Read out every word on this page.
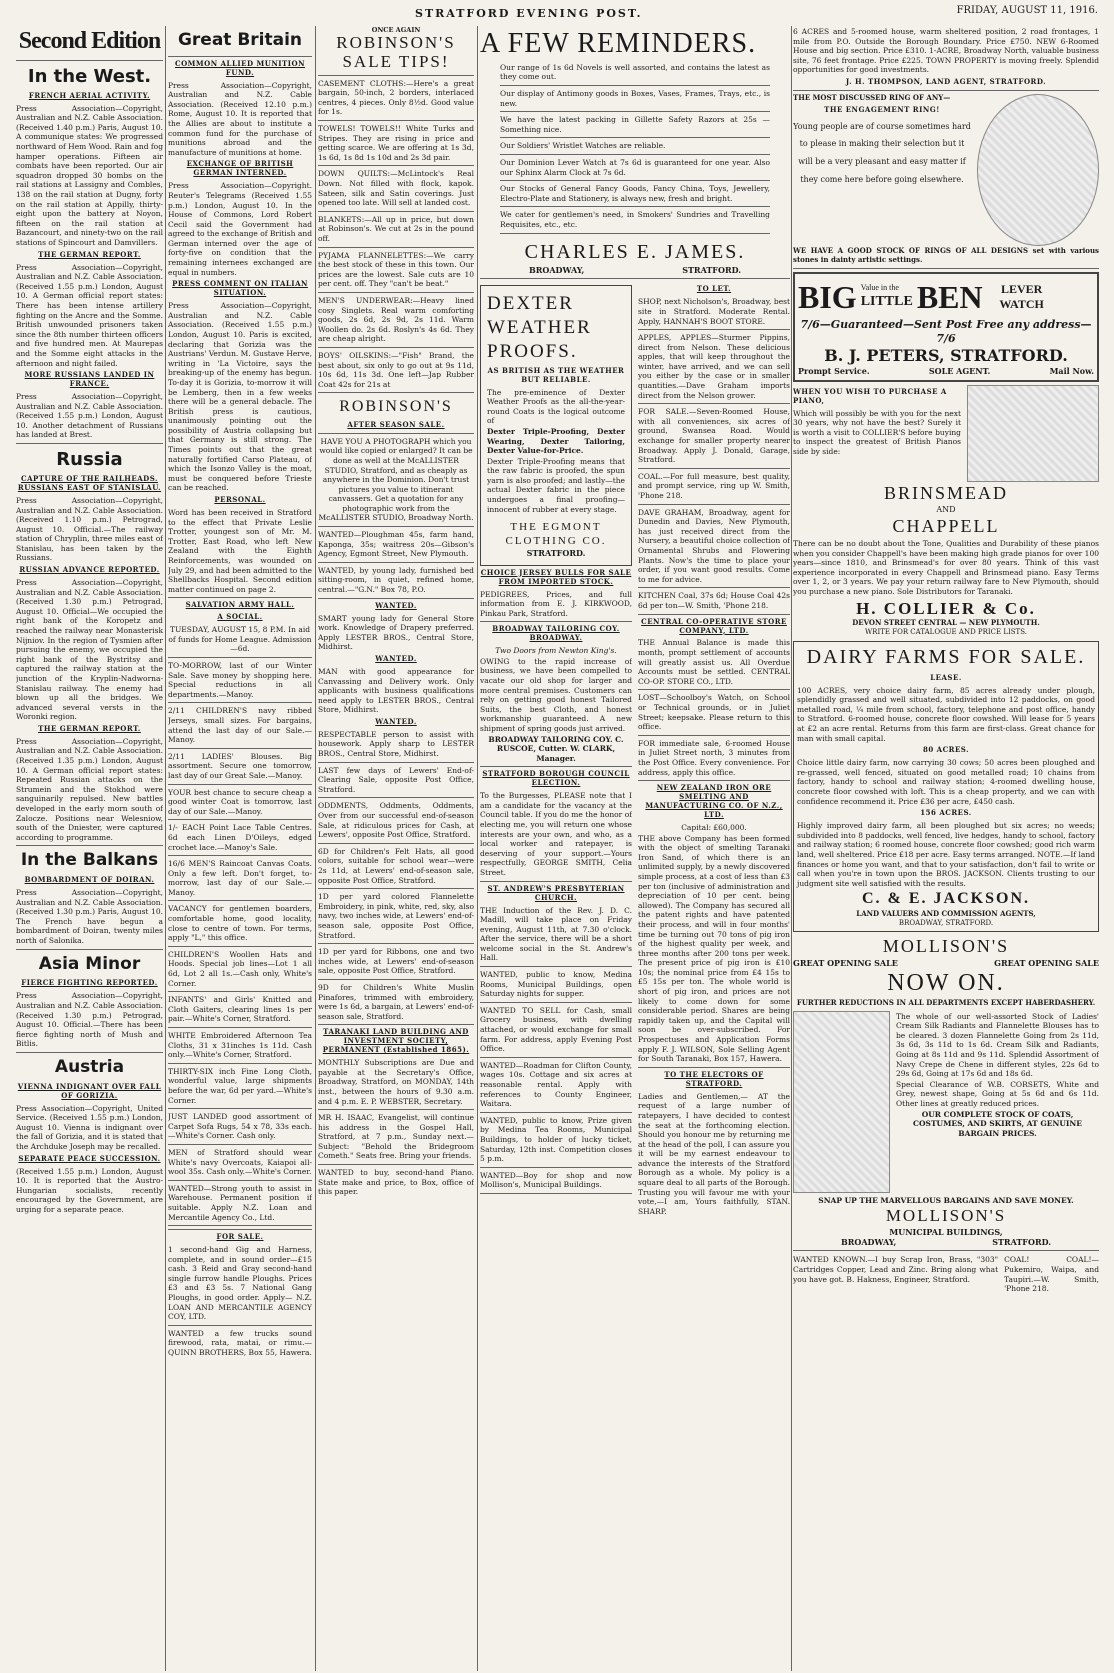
STRATFORD EVENING POST.	FRIDAY, AUGUST 11, 1916.
Second Edition
In the West.
FRENCH AERIAL ACTIVITY.

Press Association—Copyright, Australian and N.Z. Cable Association. (Received 1.40 p.m.) Paris, August 10. A communique states: We progressed northward of Hem Wood. Rain and fog hamper operations. Fifteen air combats have been reported. Our air squadron dropped 30 bombs on the rail stations at Lassigny and Combles, 138 on the rail station at Dugny, forty on the rail station at Appilly, thirty-eight upon the battery at Noyon, fifteen on the rail station at Bazancourt, and ninety-two on the rail stations of Spincourt and Damvillers.

THE GERMAN REPORT.

Press Association—Copyright, Australian and N.Z. Cable Association. (Received 1.55 p.m.) London, August 10. A German official report states: There has been intense artillery fighting on the Ancre and the Somme. British unwounded prisoners taken since the 8th number thirteen officers and five hundred men. At Maurepas and the Somme eight attacks in the afternoon and night failed.

MORE RUSSIANS LANDED IN FRANCE.

Press Association—Copyright, Australian and N.Z. Cable Association. (Received 1.55 p.m.) London, August 10. Another detachment of Russians has landed at Brest.

Russia
CAPTURE OF THE RAILHEADS. RUSSIANS EAST OF STANISLAU.

Press Association—Copyright, Australian and N.Z. Cable Association. (Received 1.10 p.m.) Petrograd, August 10. Official.—The railway station of Chryplin, three miles east of Stanislau, has been taken by the Russians.

RUSSIAN ADVANCE REPORTED.

Press Association—Copyright, Australian and N.Z. Cable Association. (Received 1.30 p.m.) Petrograd, August 10. Official—We occupied the right bank of the Koropetz and reached the railway near Monasterisk Nijniov. In the region of Tysmien after pursuing the enemy, we occupied the right bank of the Bystritsy and captured the railway station at the junction of the Kryplin-Nadworna-Stanislau railway. The enemy had blown up all the bridges. We advanced several versts in the Woronki region.

THE GERMAN REPORT.

Press Association—Copyright, Australian and N.Z. Cable Association. (Received 1.35 p.m.) London, August 10. A German official report states: Repeated Russian attacks on the Strumein and the Stokhod were sanguinarily repulsed. New battles developed in the early morn south of Zalocze. Positions near Welesniow, south of the Dniester, were captured according to programme.

In the Balkans
BOMBARDMENT OF DOIRAN.

Press Association—Copyright, Australian and N.Z. Cable Association. (Received 1.30 p.m.) Paris, August 10. The French have begun a bombardment of Doiran, twenty miles north of Salonika.

Asia Minor
FIERCE FIGHTING REPORTED.

Press Association—Copyright, Australian and N.Z. Cable Association. (Received 1.30 p.m.) Petrograd, August 10. Official.—There has been fierce fighting north of Mush and Bitlis.

Austria
VIENNA INDIGNANT OVER FALL OF GORIZIA.

Press Association—Copyright, United Service. (Received 1.55 p.m.) London, August 10. Vienna is indignant over the fall of Gorizia, and it is stated that the Archduke Joseph may be recalled.

SEPARATE PEACE SUCCESSION.

(Received 1.55 p.m.) London, August 10. It is reported that the Austro-Hungarian socialists, recently encouraged by the Government, are urging for a separate peace.

Great Britain
COMMON ALLIED MUNITION FUND.

Press Association—Copyright, Australian and N.Z. Cable Association. (Received 12.10 p.m.) Rome, August 10. It is reported that the Allies are about to institute a common fund for the purchase of munitions abroad and the manufacture of munitions at home.

EXCHANGE OF BRITISH GERMAN INTERNED.

Press Association—Copyright. Reuter's Telegrams (Received 1.55 p.m.) London, August 10. In the House of Commons, Lord Robert Cecil said the Government had agreed to the exchange of British and German interned over the age of forty-five on condition that the remaining internees exchanged are equal in numbers.

PRESS COMMENT ON ITALIAN SITUATION.

Press Association—Copyright, Australian and N.Z. Cable Association. (Received 1.55 p.m.) London, August 10. Paris is excited, declaring that Gorizia was the Austrians' Verdun. M. Gustave Herve, writing in 'La Victoire, says the breaking-up of the enemy has begun. To-day it is Gorizia, to-morrow it will be Lemberg, then in a few weeks there will be a general debacle. The British press is cautious, unanimously pointing out the possibility of Austria collapsing but that Germany is still strong. The Times points out that the great naturally fortified Carso Plateau, of which the Isonzo Valley is the moat, must be conquered before Trieste can be reached.

PERSONAL.

Word has been received in Stratford to the effect that Private Leslie Trotter, youngest son of Mr. M. Trotter, East Road, who left New Zealand with the Eighth Reinforcements, was wounded on July 29, and had been admitted to the Shellbacks Hospital. Second edition matter continued on page 2.

SALVATION ARMY HALL.
A SOCIAL.

TUESDAY, AUGUST 15, 8 P.M. In aid of funds for Home League. Admission—6d.

TO-MORROW, last of our Winter Sale. Save money by shopping here. Special reductions in all departments.—Manoy.

2/11 CHILDREN'S navy ribbed Jerseys, small sizes. For bargains, attend the last day of our Sale.—Manoy.

2/11 LADIES' Blouses. Big assortment. Secure one tomorrow, last day of our Great Sale.—Manoy.

YOUR best chance to secure cheap a good winter Coat is tomorrow, last day of our Sale.—Manoy.

1/- EACH Point Lace Table Centres. 6d each Linen D'Oileys, edged crochet lace.—Manoy's Sale.

16/6 MEN'S Raincoat Canvas Coats. Only a few left. Don't forget, to-morrow, last day of our Sale.—Manoy.

VACANCY for gentlemen boarders, comfortable home, good locality, close to centre of town. For terms, apply "L," this office.

CHILDREN'S Woollen Hats and Hoods. Special job lines—Lot 1 all 6d, Lot 2 all 1s.—Cash only, White's Corner.

INFANTS' and Girls' Knitted and Cloth Gaiters, clearing lines 1s per pair.—White's Corner, Stratford.

WHITE Embroidered Afternoon Tea Cloths, 31 x 31inches 1s 11d. Cash only.—White's Corner, Stratford.

THIRTY-SIX inch Fine Long Cloth, wonderful value, large shipments before the war, 6d per yard.—White's Corner.

JUST LANDED good assortment of Carpet Sofa Rugs, 54 x 78, 33s each.—White's Corner. Cash only.

MEN of Stratford should wear White's navy Overcoats, Kaiapoi all-wool 35s. Cash only.—White's Corner.

WANTED—Strong youth to assist in Warehouse. Permanent position if suitable. Apply N.Z. Loan and Mercantile Agency Co., Ltd.

FOR SALE.

1 second-hand Gig and Harness, complete, and in sound order—£15 cash. 3 Reid and Gray second-hand single furrow handle Ploughs. Prices £3 and £3 5s. 7 National Gang Ploughs, in good order. Apply— N.Z. LOAN AND MERCANTILE AGENCY COY, LTD.

WANTED a few trucks sound firewood, rata, matai, or rimu.—QUINN BROTHERS, Box 55, Hawera.

ONCE AGAIN
ROBINSON'S SALE TIPS!

CASEMENT CLOTHS:—Here's a great bargain, 50-inch, 2 borders, interlaced centres, 4 pieces. Only 8½d. Good value for 1s.

TOWELS! TOWELS!! White Turks and Stripes. They are rising in price and getting scarce. We are offering at 1s 3d, 1s 6d, 1s 8d 1s 10d and 2s 3d pair.

DOWN QUILTS:—McLintock's Real Down. Not filled with flock, kapok. Sateen, silk and Satin coverings. Just opened too late. Will sell at landed cost.

BLANKETS:—All up in price, but down at Robinson's. We cut at 2s in the pound off.

PYJAMA FLANNELETTES:—We carry the best stock of these in this town. Our prices are the lowest. Sale cuts are 10 per cent. off. They "can't be beat."

MEN'S UNDERWEAR:—Heavy lined cosy Singlets. Real warm comforting goods, 2s 6d, 2s 9d, 2s 11d. Warm Woollen do. 2s 6d. Roslyn's 4s 6d. They are cheap alright.

BOYS' OILSKINS:—"Fish" Brand, the best about, six only to go out at 9s 11d, 10s 6d, 11s 3d. One left—Jap Rubber Coat 42s for 21s at

ROBINSON'S
AFTER SEASON SALE.

HAVE YOU A PHOTOGRAPH which you would like copied or enlarged? It can be done as well at the McALLISTER STUDIO, Stratford, and as cheaply as anywhere in the Dominion. Don't trust pictures you value to itinerant canvassers. Get a quotation for any photographic work from the McALLISTER STUDIO, Broadway North.

WANTED—Ploughman 45s, farm hand, Kaponga, 35s; waitress 20s—Gibson's Agency, Egmont Street, New Plymouth.

WANTED, by young lady, furnished bed sitting-room, in quiet, refined home, central.—"G.N." Box 78, P.O.

WANTED.

SMART young lady for General Store work. Knowledge of Drapery preferred. Apply LESTER BROS., Central Store, Midhirst.

WANTED.

MAN with good appearance for Canvassing and Delivery work. Only applicants with business qualifications need apply to LESTER BROS., Central Store, Midhirst.

WANTED.

RESPECTABLE person to assist with housework. Apply sharp to LESTER BROS., Central Store, Midhirst.

LAST few days of Lewers' End-of-Clearing Sale, opposite Post Office, Stratford.

ODDMENTS, Oddments, Oddments, Over from our successful end-of-season Sale, at ridiculous prices for Cash, at Lewers', opposite Post Office, Stratford.

6D for Children's Felt Hats, all good colors, suitable for school wear—were 2s 11d, at Lewers' end-of-season sale, opposite Post Office, Stratford.

1D per yard colored Flannelette Embroidery, in pink, white, red, sky, also navy, two inches wide, at Lewers' end-of-season sale, opposite Post Office, Stratford.

1D per yard for Ribbons, one and two inches wide, at Lewers' end-of-season sale, opposite Post Office, Stratford.

9D for Children's White Muslin Pinafores, trimmed with embroidery, were 1s 6d, a bargain, at Lewers' end-of-season sale, Stratford.

TARANAKI LAND BUILDING AND INVESTMENT SOCIETY, PERMANENT (Established 1865).

MONTHLY Subscriptions are Due and payable at the Secretary's Office, Broadway, Stratford, on MONDAY, 14th inst., between the hours of 9.30 a.m. and 4 p.m. E. P. WEBSTER, Secretary.

MR H. ISAAC, Evangelist, will continue his address in the Gospel Hall, Stratford, at 7 p.m., Sunday next.—Subject: "Behold the Bridegroom Cometh." Seats free. Bring your friends.

WANTED to buy, second-hand Piano. State make and price, to Box, office of this paper.

A FEW REMINDERS.

Our range of 1s 6d Novels is well assorted, and contains the latest as they come out.

Our display of Antimony goods in Boxes, Vases, Frames, Trays, etc., is new.

We have the latest packing in Gillette Safety Razors at 25s —Something nice.

Our Soldiers' Wristlet Watches are reliable.

Our Dominion Lever Watch at 7s 6d is guaranteed for one year. Also our Sphinx Alarm Clock at 7s 6d.

Our Stocks of General Fancy Goods, Fancy China, Toys, Jewellery, Electro-Plate and Stationery, is always new, fresh and bright.

We cater for gentlemen's need, in Smokers' Sundries and Travelling Requisites, etc., etc.

CHARLES E. JAMES.
BROADWAY,	STRATFORD.
DEXTER WEATHER PROOFS.
AS BRITISH AS THE WEATHER BUT RELIABLE.

The pre-eminence of Dexter Weather Proofs as the all-the-year-round Coats is the logical outcome of

Dexter Triple-Proofing, Dexter Wearing, Dexter Tailoring, Dexter Value-for-Price.

Dexter Triple-Proofing means that the raw fabric is proofed, the spun yarn is also proofed; and lastly—the actual Dexter fabric in the piece undergoes a final proofing—innocent of rubber at every stage.

THE EGMONT CLOTHING CO.
STRATFORD.
CHOICE JERSEY BULLS FOR SALE FROM IMPORTED STOCK.

PEDIGREES, Prices, and full information from E. J. KIRKWOOD, Pinkau Park, Stratford.

BROADWAY TAILORING COY. BROADWAY.
Two Doors from Newton King's.

OWING to the rapid increase of business, we have been compelled to vacate our old shop for larger and more central premises. Customers can rely on getting good honest Tailored Suits, the best Cloth, and honest workmanship guaranteed. A new shipment of spring goods just arrived.

BROADWAY TAILORING COY. C. RUSCOE, Cutter. W. CLARK, Manager.

STRATFORD BOROUGH COUNCIL ELECTION.

To the Burgesses, PLEASE note that I am a candidate for the vacancy at the Council table. If you do me the honor of electing me, you will return one whose interests are your own, and who, as a local worker and ratepayer, is deserving of your support.—Yours respectfully, GEORGE SMITH, Celia Street.

ST. ANDREW'S PRESBYTERIAN CHURCH.

THE Induction of the Rev. J. D. C. Madill, will take place on Friday evening, August 11th, at 7.30 o'clock. After the service, there will be a short welcome social in the St. Andrew's Hall.

WANTED, public to know, Medina Rooms, Municipal Buildings, open Saturday nights for supper.

WANTED TO SELL for Cash, small Grocery business, with dwelling attached, or would exchange for small farm. For address, apply Evening Post Office.

WANTED—Roadman for Clifton County, wages 10s. Cottage and six acres at reasonable rental. Apply with references to County Engineer, Waitara.

WANTED, public to know, Prize given by Medina Tea Rooms, Municipal Buildings, to holder of lucky ticket, Saturday, 12th inst. Competition closes 5 p.m.

WANTED—Boy for shop and now Mollison's, Municipal Buildings.

TO LET.

SHOP, next Nicholson's, Broadway, best site in Stratford. Moderate Rental. Apply, HANNAH'S BOOT STORE.

APPLES, APPLES—Sturmer Pippins, direct from Nelson. These delicious apples, that will keep throughout the winter, have arrived, and we can sell you either by the case or in smaller quantities.—Dave Graham imports direct from the Nelson grower.

FOR SALE.—Seven-Roomed House, with all conveniences, six acres of ground, Swansea Road. Would exchange for smaller property nearer Broadway. Apply J. Donald, Garage, Stratford.

COAL.—For full measure, best quality, and prompt service, ring up W. Smith, 'Phone 218.

DAVE GRAHAM, Broadway, agent for Dunedin and Davies, New Plymouth, has just received direct from the Nursery, a beautiful choice collection of Ornamental Shrubs and Flowering Plants. Now's the time to place your order, if you want good results. Come to me for advice.

KITCHEN Coal, 37s 6d; House Coal 42s 6d per ton—W. Smith, 'Phone 218.

CENTRAL CO-OPERATIVE STORE COMPANY, LTD.

THE Annual Balance is made this month, prompt settlement of accounts will greatly assist us. All Overdue Accounts must be settled. CENTRAL CO-OP. STORE CO., LTD.

LOST—Schoolboy's Watch, on School or Technical grounds, or in Juliet Street; keepsake. Please return to this office.

FOR immediate sale, 6-roomed House in Juliet Street north, 3 minutes from the Post Office. Every convenience. For address, apply this office.

NEW ZEALAND IRON ORE SMELTING AND MANUFACTURING CO. OF N.Z., LTD.
Capital: £60,000.

THE above Company has been formed with the object of smelting Taranaki Iron Sand, of which there is an unlimited supply, by a newly discovered simple process, at a cost of less than £3 per ton (inclusive of administration and depreciation of 10 per cent. being allowed). The Company has secured all the patent rights and have patented their process, and will in four months' time be turning out 70 tons of pig iron of the highest quality per week, and three months after 200 tons per week. The present price of pig iron is £10 10s; the nominal price from £4 15s to £5 15s per ton. The whole world is short of pig iron, and prices are not likely to come down for some considerable period. Shares are being rapidly taken up, and the Capital will soon be over-subscribed. For Prospectuses and Application Forms apply F. J. WILSON, Sole Selling Agent for South Taranaki, Box 157, Hawera.

TO THE ELECTORS OF STRATFORD.

Ladies and Gentlemen,— AT the request of a large number of ratepayers, I have decided to contest the seat at the forthcoming election. Should you honour me by returning me at the head of the poll, I can assure you it will be my earnest endeavour to advance the interests of the Stratford Borough as a whole. My policy is a square deal to all parts of the Borough. Trusting you will favour me with your vote,—I am, Yours faithfully, STAN. SHARP.

6 ACRES and 5-roomed house, warm sheltered position, 2 road frontages, 1 mile from P.O. Outside the Borough Boundary. Price £750. NEW 6-Roomed House and big section. Price £310. 1-ACRE, Broadway North, valuable business site, 76 feet frontage. Price £225. TOWN PROPERTY is moving freely. Splendid opportunities for good investments.

J. H. THOMPSON, LAND AGENT, STRATFORD.
THE MOST DISCUSSED RING OF ANY—
THE ENGAGEMENT RING!

Young people are of course sometimes hard to please in making their selection but it will be a very pleasant and easy matter if they come here before going elsewhere.

WE HAVE A GOOD STOCK OF RINGS OF ALL DESIGNS set with various stones in dainty artistic settings.

BIG Value in the
LITTLE BEN	LEVER WATCH
7/6—Guaranteed—Sent Post Free any address—7/6
B. J. PETERS, STRATFORD.
Prompt Service.	SOLE AGENT.	Mail Now.
WHEN YOU WISH TO PURCHASE A PIANO,

Which will possibly be with you for the next 30 years, why not have the best? Surely it is worth a visit to COLLIER'S before buying to inspect the greatest of British Pianos side by side:

BRINSMEAD
AND
CHAPPELL

There can be no doubt about the Tone, Qualities and Durability of these pianos when you consider Chappell's have been making high grade pianos for over 100 years—since 1810, and Brinsmead's for over 80 years. Think of this vast experience incorporated in every Chappell and Brinsmead piano. Easy Terms over 1, 2, or 3 years. We pay your return railway fare to New Plymouth, should you purchase a new piano. Sole Distributors for Taranaki.

H. COLLIER & Co.
DEVON STREET CENTRAL — NEW PLYMOUTH.
WRITE FOR CATALOGUE AND PRICE LISTS.
DAIRY FARMS FOR SALE.
LEASE.

100 ACRES, very choice dairy farm, 85 acres already under plough, splendidly grassed and well situated, subdivided into 12 paddocks, on good metalled road, ¼ mile from school, factory, telephone and post office, handy to Stratford. 6-roomed house, concrete floor cowshed. Will lease for 5 years at £2 an acre rental. Returns from this farm are first-class. Great chance for man with small capital.

80 ACRES.

Choice little dairy farm, now carrying 30 cows; 50 acres been ploughed and re-grassed, well fenced, situated on good metalled road; 10 chains from factory, handy to school and railway station; 4-roomed dwelling house, concrete floor cowshed with loft. This is a cheap property, and we can with confidence recommend it. Price £36 per acre, £450 cash.

156 ACRES.

Highly improved dairy farm, all been ploughed but six acres; no weeds; subdivided into 8 paddocks, well fenced, live hedges, handy to school, factory and railway station; 6 roomed house, concrete floor cowshed; good rich warm land, well sheltered. Price £18 per acre. Easy terms arranged. NOTE.—If land finances or home you want, and that to your satisfaction, don't fail to write or call when you're in town upon the BROS. JACKSON. Clients trusting to our judgment site well satisfied with the results.

C. & E. JACKSON.
LAND VALUERS AND COMMISSION AGENTS,
BROADWAY, STRATFORD.
MOLLISON'S
GREAT OPENING SALE	GREAT OPENING SALE
NOW ON.
FURTHER REDUCTIONS IN ALL DEPARTMENTS EXCEPT HABERDASHERY.

The whole of our well-assorted Stock of Ladies' Cream Silk Radiants and Flannelette Blouses has to be cleared. 3 dozen Flannelette Going from 2s 11d, 3s 6d, 3s 11d to 1s 6d. Cream Silk and Radiants, Going at 8s 11d and 9s 11d. Splendid Assortment of Navy Crepe de Chene in different styles, 22s 6d to 29s 6d, Going at 17s 6d and 18s 6d.

Special Clearance of W.B. CORSETS, White and Grey, newest shape, Going at 5s 6d and 6s 11d. Other lines at greatly reduced prices.

OUR COMPLETE STOCK OF COATS, COSTUMES, AND SKIRTS, AT GENUINE BARGAIN PRICES.

SNAP UP THE MARVELLOUS BARGAINS AND SAVE MONEY.
MOLLISON'S
MUNICIPAL BUILDINGS,
BROADWAY,	STRATFORD.

WANTED KNOWN.—I buy Scrap Iron, Brass, "303" Cartridges Copper, Lead and Zinc. Bring along what you have got. B. Hakness, Engineer, Stratford.

COAL! COAL!—Pukemiro, Waipa, and Taupiri.—W. Smith, 'Phone 218.
